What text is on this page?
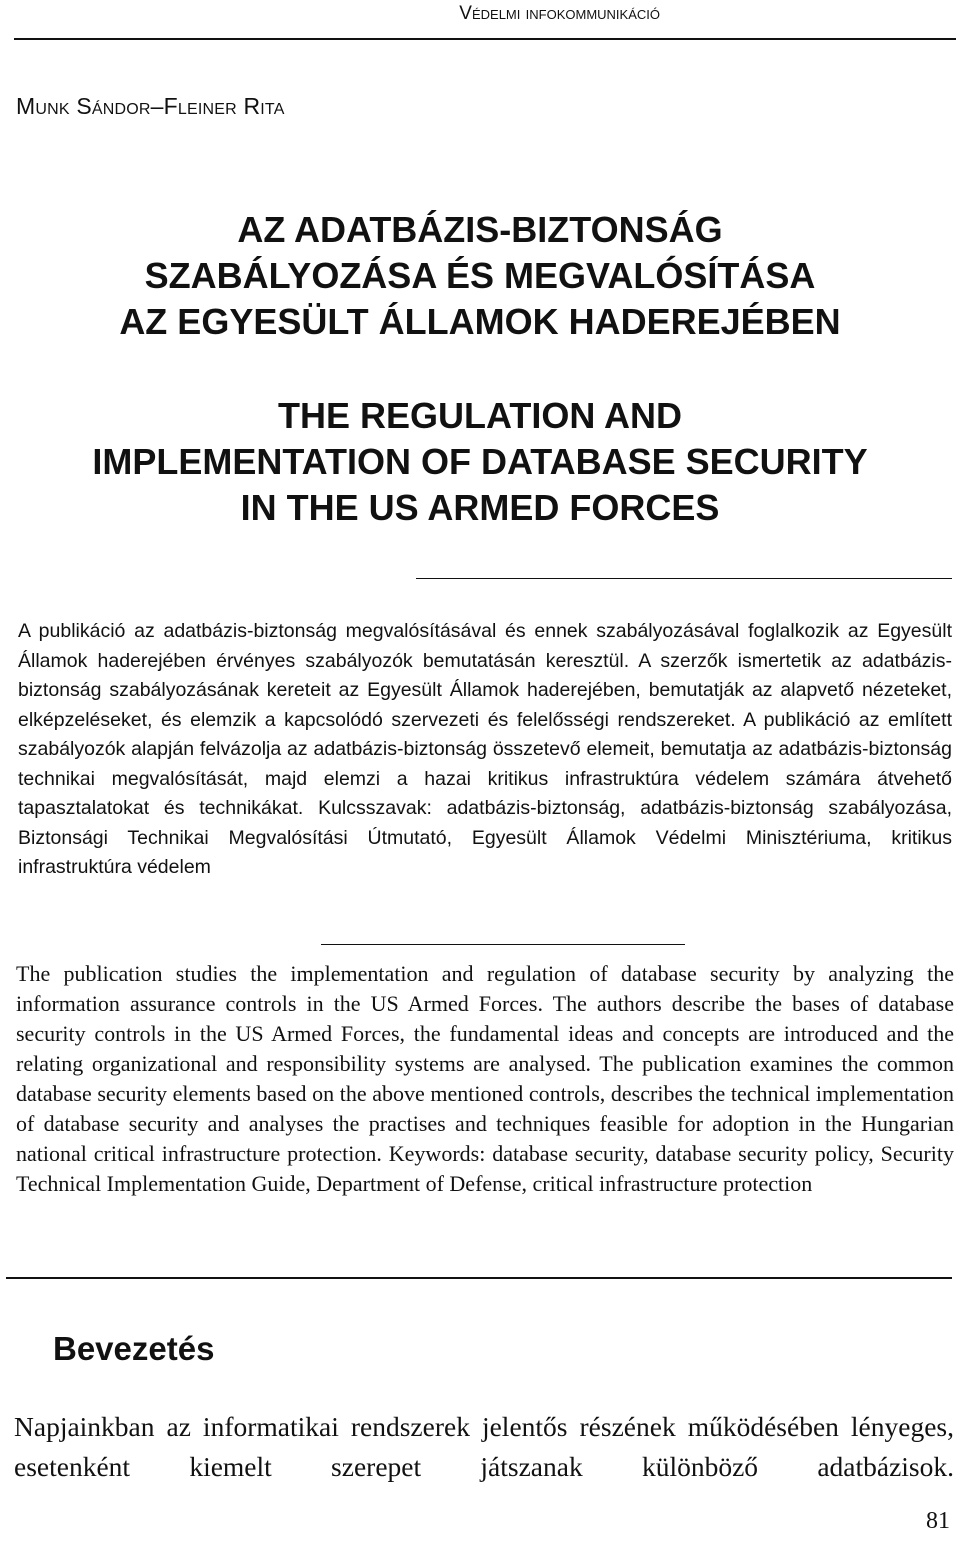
Védelmi infokommunikáció
Munk Sándor–Fleiner Rita
AZ ADATBÁZIS-BIZTONSÁG
SZABÁLYOZÁSA ÉS MEGVALÓSÍTÁSA
AZ EGYESÜLT ÁLLAMOK HADEREJÉBEN
THE REGULATION AND
IMPLEMENTATION OF DATABASE SECURITY
IN THE US ARMED FORCES
A publikáció az adatbázis-biztonság megvalósításával és ennek szabályozásával foglalkozik az Egyesült Államok haderejében érvényes szabályozók bemutatásán keresztül. A szerzők ismertetik az adatbázis-biztonság szabályozásának kereteit az Egyesült Államok haderejében, bemutatják az alapvető nézeteket, elképzeléseket, és elemzik a kapcsolódó szervezeti és felelősségi rendszereket. A publikáció az említett szabályozók alapján felvázolja az adatbázis-biztonság összetevő elemeit, bemutatja az adatbázis-biztonság technikai megvalósítását, majd elemzi a hazai kritikus infrastruktúra védelem számára átvehető tapasztalatokat és technikákat. Kulcsszavak: adatbázis-biztonság, adatbázis-biztonság szabályozása, Biztonsági Technikai Megvalósítási Útmutató, Egyesült Államok Védelmi Minisztériuma, kritikus infrastruktúra védelem
The publication studies the implementation and regulation of database security by analyzing the information assurance controls in the US Armed Forces. The authors describe the bases of database security controls in the US Armed Forces, the fundamental ideas and concepts are introduced and the relating organizational and responsibility systems are analysed. The publication examines the common database security elements based on the above mentioned controls, describes the technical implementation of database security and analyses the practises and techniques feasible for adoption in the Hungarian national critical infrastructure protection. Keywords: database security, database security policy, Security Technical Implementation Guide, Department of Defense, critical infrastructure protection
Bevezetés
Napjainkban az informatikai rendszerek jelentős részének működésében lényeges, esetenként kiemelt szerepet játszanak különböző adatbázisok.
81
